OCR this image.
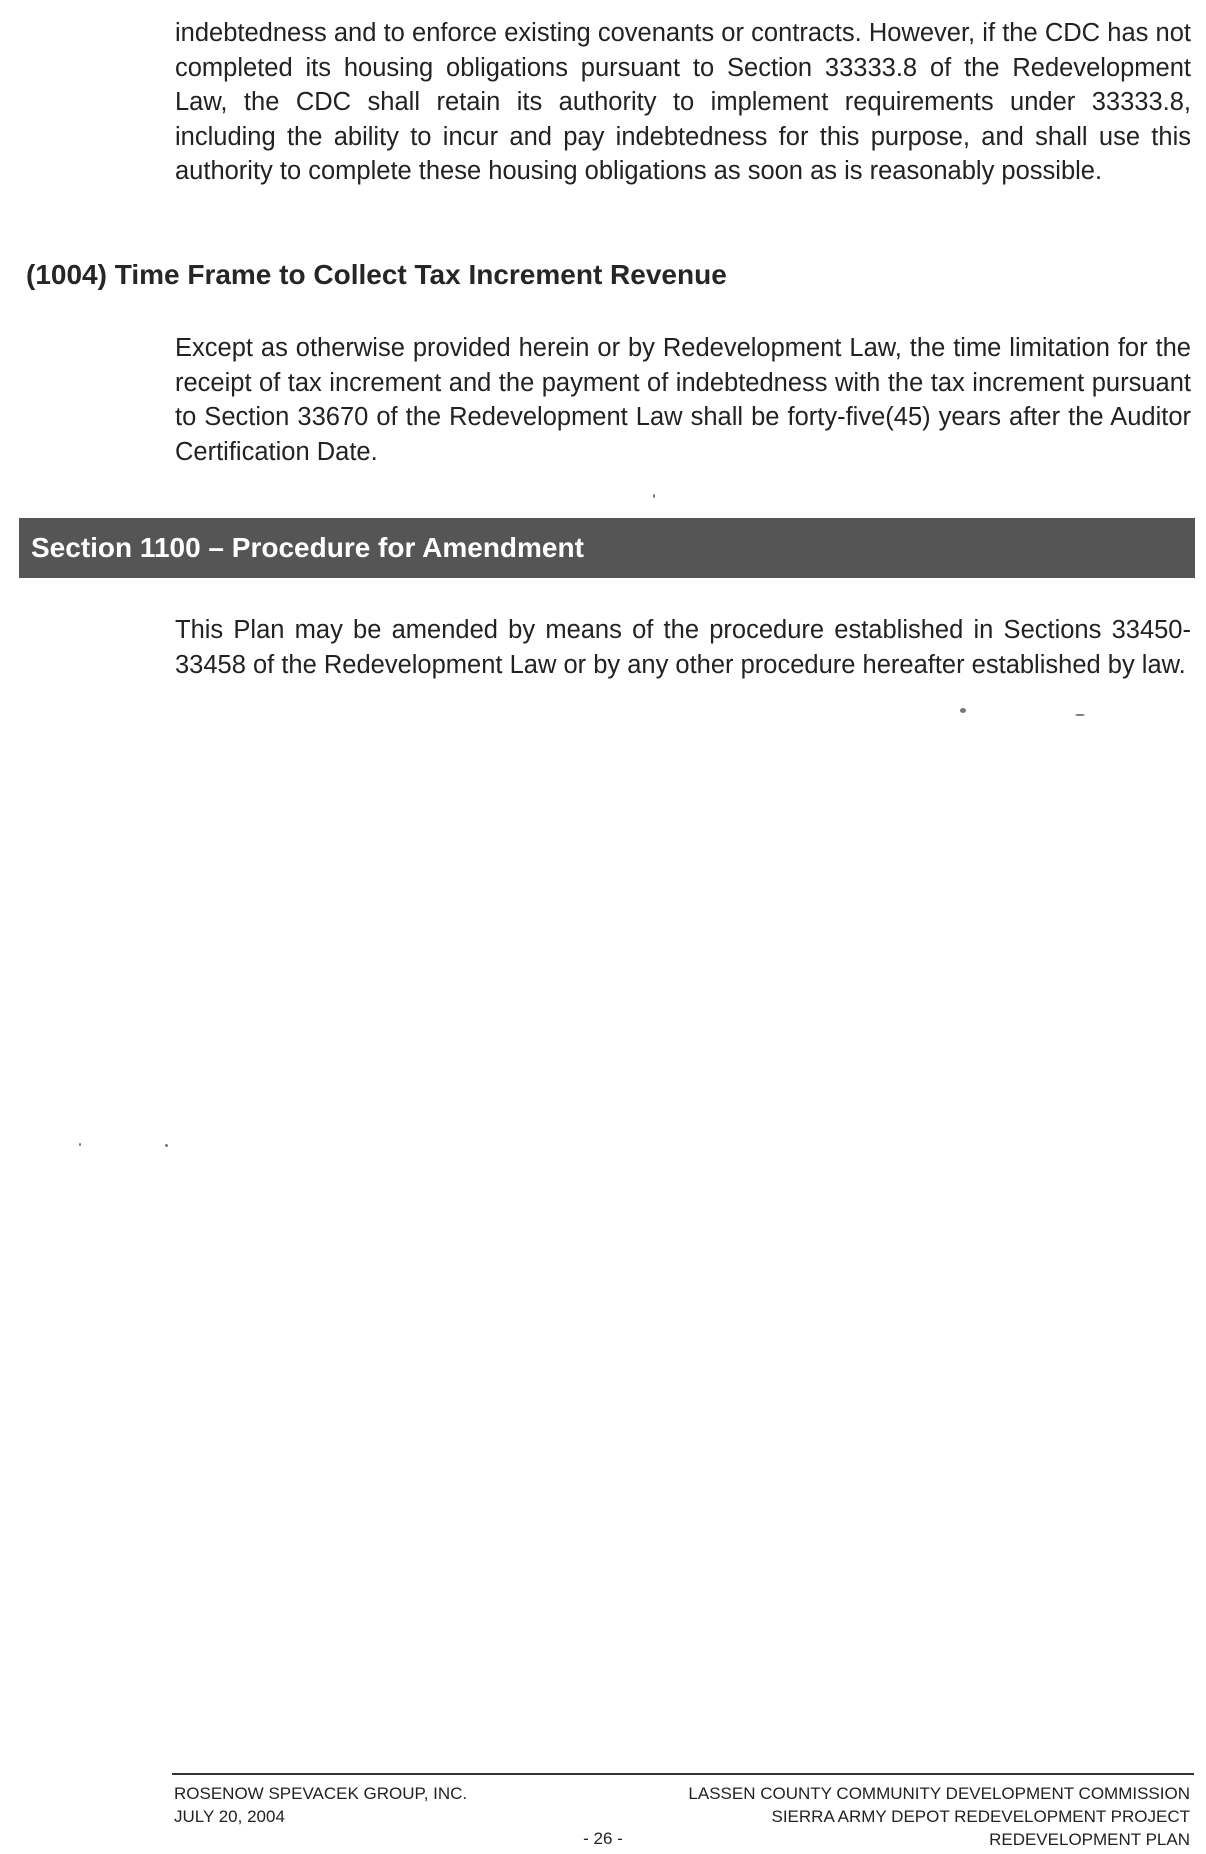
indebtedness and to enforce existing covenants or contracts. However, if the CDC has not completed its housing obligations pursuant to Section 33333.8 of the Redevelopment Law, the CDC shall retain its authority to implement requirements under 33333.8, including the ability to incur and pay indebtedness for this purpose, and shall use this authority to complete these housing obligations as soon as is reasonably possible.

(1004) Time Frame to Collect Tax Increment Revenue

Except as otherwise provided herein or by Redevelopment Law, the time limitation for the receipt of tax increment and the payment of indebtedness with the tax increment pursuant to Section 33670 of the Redevelopment Law shall be forty-five(45) years after the Auditor Certification Date.

Section 1100 – Procedure for Amendment

This Plan may be amended by means of the procedure established in Sections 33450-33458 of the Redevelopment Law or by any other procedure hereafter established by law.

ROSENOW SPEVACEK GROUP, INC.
JULY 20, 2004
LASSEN COUNTY COMMUNITY DEVELOPMENT COMMISSION
SIERRA ARMY DEPOT REDEVELOPMENT PROJECT
REDEVELOPMENT PLAN
- 26 -
